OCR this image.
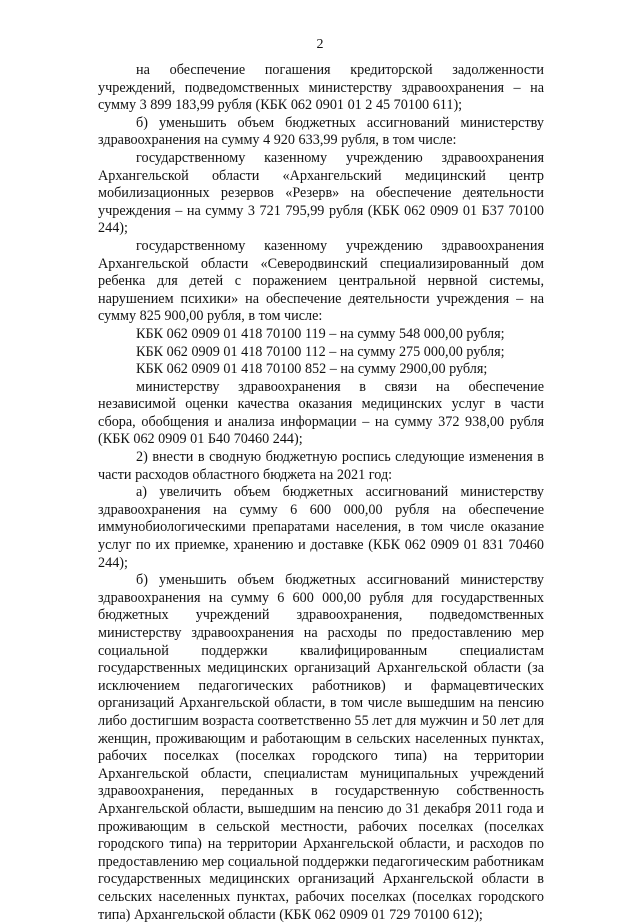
2

на обеспечение погашения кредиторской задолженности учреждений, подведомственных министерству здравоохранения – на сумму 3 899 183,99 рубля (КБК 062 0901 01 2 45 70100 611);

б) уменьшить объем бюджетных ассигнований министерству здравоохранения на сумму 4 920 633,99 рубля, в том числе:

государственному казенному учреждению здравоохранения Архангельской области «Архангельский медицинский центр мобилизационных резервов «Резерв» на обеспечение деятельности учреждения – на сумму 3 721 795,99 рубля (КБК 062 0909 01 Б37 70100 244);

государственному казенному учреждению здравоохранения Архангельской области «Северодвинский специализированный дом ребенка для детей с поражением центральной нервной системы, нарушением психики» на обеспечение деятельности учреждения – на сумму 825 900,00 рубля, в том числе:

КБК 062 0909 01 418 70100 119 – на сумму 548 000,00 рубля;

КБК 062 0909 01 418 70100 112 – на сумму 275 000,00 рубля;

КБК 062 0909 01 418 70100 852 – на сумму 2900,00 рубля;

министерству здравоохранения в связи на обеспечение независимой оценки качества оказания медицинских услуг в части сбора, обобщения и анализа информации – на сумму 372 938,00 рубля (КБК 062 0909 01 Б40 70460 244);

2) внести в сводную бюджетную роспись следующие изменения в части расходов областного бюджета на 2021 год:

а) увеличить объем бюджетных ассигнований министерству здравоохранения на сумму 6 600 000,00 рубля на обеспечение иммунобиологическими препаратами населения, в том числе оказание услуг по их приемке, хранению и доставке (КБК 062 0909 01 831 70460 244);

б) уменьшить объем бюджетных ассигнований министерству здравоохранения на сумму 6 600 000,00 рубля для государственных бюджетных учреждений здравоохранения, подведомственных министерству здравоохранения на расходы по предоставлению мер социальной поддержки квалифицированным специалистам государственных медицинских организаций Архангельской области (за исключением педагогических работников) и фармацевтических организаций Архангельской области, в том числе вышедшим на пенсию либо достигшим возраста соответственно 55 лет для мужчин и 50 лет для женщин, проживающим и работающим в сельских населенных пунктах, рабочих поселках (поселках городского типа) на территории Архангельской области, специалистам муниципальных учреждений здравоохранения, переданных в государственную собственность Архангельской области, вышедшим на пенсию до 31 декабря 2011 года и проживающим в сельской местности, рабочих поселках (поселках городского типа) на территории Архангельской области, и расходов по предоставлению мер социальной поддержки педагогическим работникам государственных медицинских организаций Архангельской области в сельских населенных пунктах, рабочих поселках (поселках городского типа) Архангельской области (КБК 062 0909 01 729 70100 612);
